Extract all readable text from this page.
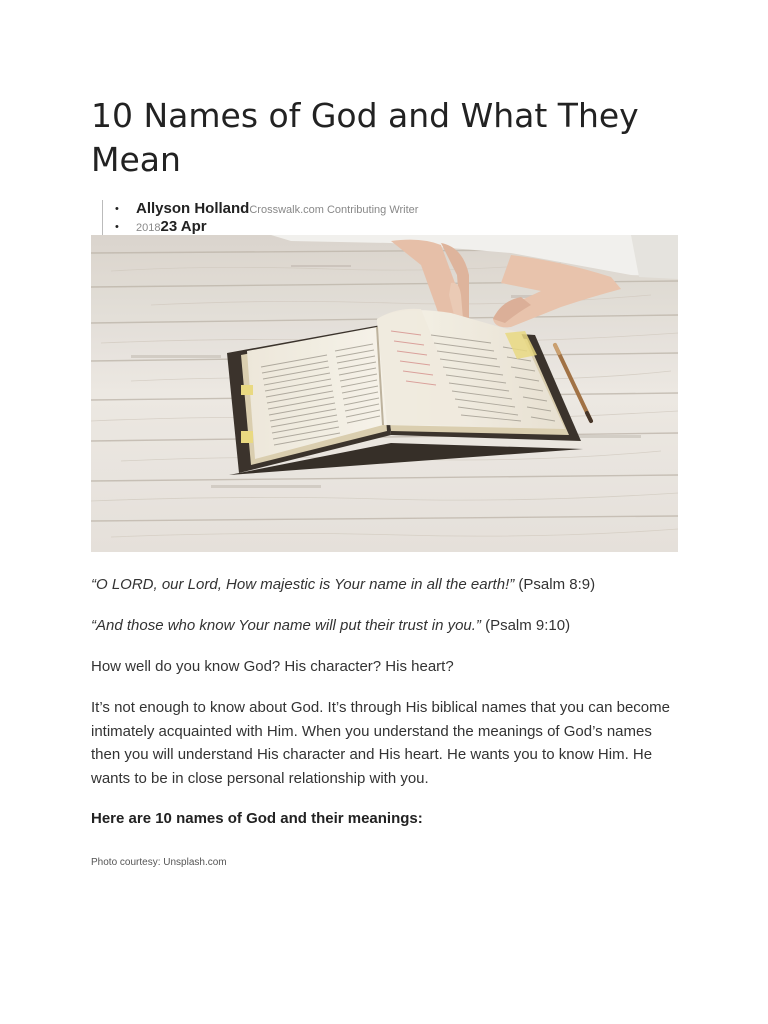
10 Names of God and What They Mean
• Allyson HollandCrosswalk.com Contributing Writer
• 201823 Apr

“O LORD, our Lord, How majestic is Your name in all the earth!” (Psalm 8:9)

“And those who know Your name will put their trust in you.” (Psalm 9:10)

How well do you know God? His character? His heart?

It’s not enough to know about God. It’s through His biblical names that you can become intimately acquainted with Him. When you understand the meanings of God’s names then you will understand His character and His heart. He wants you to know Him. He wants to be in close personal relationship with you.

Here are 10 names of God and their meanings:

Photo courtesy: Unsplash.com
